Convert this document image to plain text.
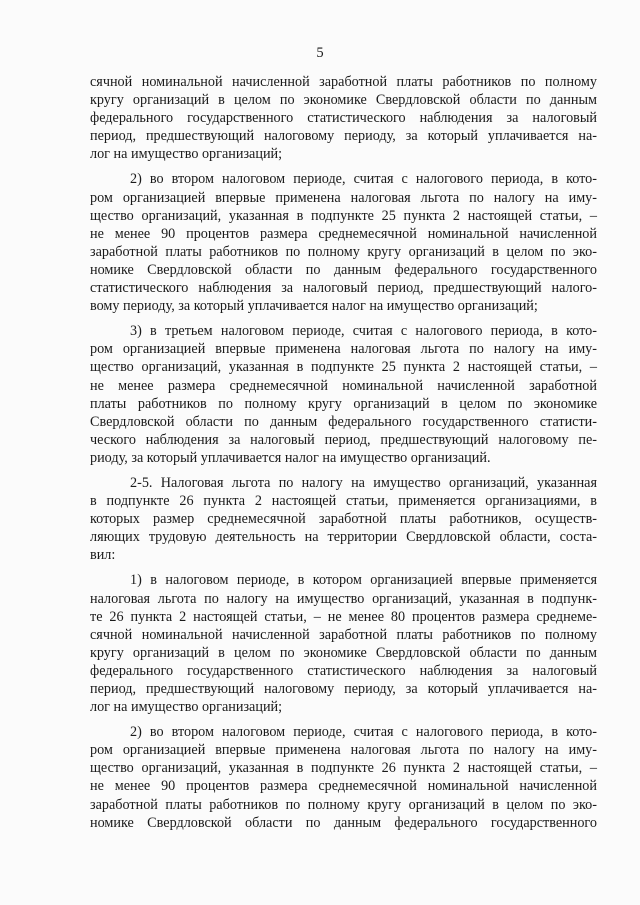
5
сячной номинальной начисленной заработной платы работников по полному
кругу организаций в целом по экономике Свердловской области по данным
федерального государственного статистического наблюдения за налоговый
период, предшествующий налоговому периоду, за который уплачивается на-
лог на имущество организаций;
2) во втором налоговом периоде, считая с налогового периода, в кото-
ром организацией впервые применена налоговая льгота по налогу на иму-
щество организаций, указанная в подпункте 25 пункта 2 настоящей статьи, –
не менее 90 процентов размера среднемесячной номинальной начисленной
заработной платы работников по полному кругу организаций в целом по эко-
номике Свердловской области по данным федерального государственного
статистического наблюдения за налоговый период, предшествующий налого-
вому периоду, за который уплачивается налог на имущество организаций;
3) в третьем налоговом периоде, считая с налогового периода, в кото-
ром организацией впервые применена налоговая льгота по налогу на иму-
щество организаций, указанная в подпункте 25 пункта 2 настоящей статьи, –
не менее размера среднемесячной номинальной начисленной заработной
платы работников по полному кругу организаций в целом по экономике
Свердловской области по данным федерального государственного статисти-
ческого наблюдения за налоговый период, предшествующий налоговому пе-
риоду, за который уплачивается налог на имущество организаций.
2-5. Налоговая льгота по налогу на имущество организаций, указанная
в подпункте 26 пункта 2 настоящей статьи, применяется организациями, в
которых размер среднемесячной заработной платы работников, осуществ-
ляющих трудовую деятельность на территории Свердловской области, соста-
вил:
1) в налоговом периоде, в котором организацией впервые применяется
налоговая льгота по налогу на имущество организаций, указанная в подпунк-
те 26 пункта 2 настоящей статьи, – не менее 80 процентов размера среднеме-
сячной номинальной начисленной заработной платы работников по полному
кругу организаций в целом по экономике Свердловской области по данным
федерального государственного статистического наблюдения за налоговый
период, предшествующий налоговому периоду, за который уплачивается на-
лог на имущество организаций;
2) во втором налоговом периоде, считая с налогового периода, в кото-
ром организацией впервые применена налоговая льгота по налогу на иму-
щество организаций, указанная в подпункте 26 пункта 2 настоящей статьи, –
не менее 90 процентов размера среднемесячной номинальной начисленной
заработной платы работников по полному кругу организаций в целом по эко-
номике Свердловской области по данным федерального государственного
